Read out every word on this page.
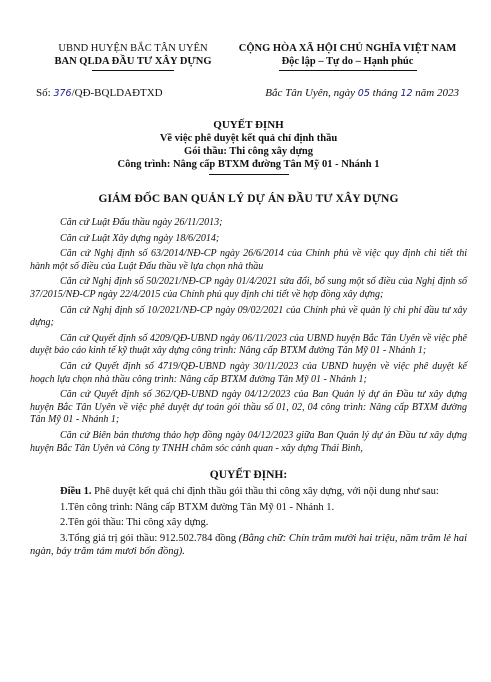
UBND HUYỆN BẮC TÂN UYÊN
BAN QLDA ĐẦU TƯ XÂY DỰNG
CỘNG HÒA XÃ HỘI CHỦ NGHĨA VIỆT NAM
Độc lập – Tự do – Hạnh phúc
Số: 376/QĐ-BQLDAĐTXD	Bắc Tân Uyên, ngày 05 tháng 12 năm 2023
QUYẾT ĐỊNH
Về việc phê duyệt kết quả chỉ định thầu
Gói thầu: Thi công xây dựng
Công trình: Nâng cấp BTXM đường Tân Mỹ 01 - Nhánh 1
GIÁM ĐỐC BAN QUẢN LÝ DỰ ÁN ĐẦU TƯ XÂY DỰNG

Căn cứ Luật Đấu thầu ngày 26/11/2013;

Căn cứ Luật Xây dựng ngày 18/6/2014;

Căn cứ Nghị định số 63/2014/NĐ-CP ngày 26/6/2014 của Chính phủ về việc quy định chi tiết thi hành một số điều của Luật Đấu thầu về lựa chọn nhà thầu

Căn cứ Nghị định số 50/2021/NĐ-CP ngày 01/4/2021 sửa đổi, bổ sung một số điều của Nghị định số 37/2015/NĐ-CP ngày 22/4/2015 của Chính phủ quy định chi tiết về hợp đồng xây dựng;

Căn cứ Nghị định số 10/2021/NĐ-CP ngày 09/02/2021 của Chính phủ về quản lý chi phí đầu tư xây dựng;

Căn cứ Quyết định số 4209/QĐ-UBND ngày 06/11/2023 của UBND huyện Bắc Tân Uyên về việc phê duyệt báo cáo kinh tế kỹ thuật xây dựng công trình: Nâng cấp BTXM đường Tân Mỹ 01 - Nhánh 1;

Căn cứ Quyết định số 4719/QĐ-UBND ngày 30/11/2023 của UBND huyện về việc phê duyệt kế hoạch lựa chọn nhà thầu công trình: Nâng cấp BTXM đường Tân Mỹ 01 - Nhánh 1;

Căn cứ Quyết định số 362/QĐ-UBND ngày 04/12/2023 của Ban Quản lý dự án Đầu tư xây dựng huyện Bắc Tân Uyên về việc phê duyệt dự toán gói thầu số 01, 02, 04 công trình: Nâng cấp BTXM đường Tân Mỹ 01 - Nhánh 1;

Căn cứ Biên bản thương thảo hợp đồng ngày 04/12/2023 giữa Ban Quản lý dự án Đầu tư xây dựng huyện Bắc Tân Uyên và Công ty TNHH chăm sóc cảnh quan - xây dựng Thái Bình,

QUYẾT ĐỊNH:

Điều 1. Phê duyệt kết quả chỉ định thầu gói thầu thi công xây dựng, với nội dung như sau:

1.Tên công trình: Nâng cấp BTXM đường Tân Mỹ 01 - Nhánh 1.

2.Tên gói thầu: Thi công xây dựng.

3.Tổng giá trị gói thầu: 912.502.784 đồng (Bằng chữ: Chín trăm mười hai triệu, năm trăm lẻ hai ngàn, bảy trăm tám mươi bốn đồng).
